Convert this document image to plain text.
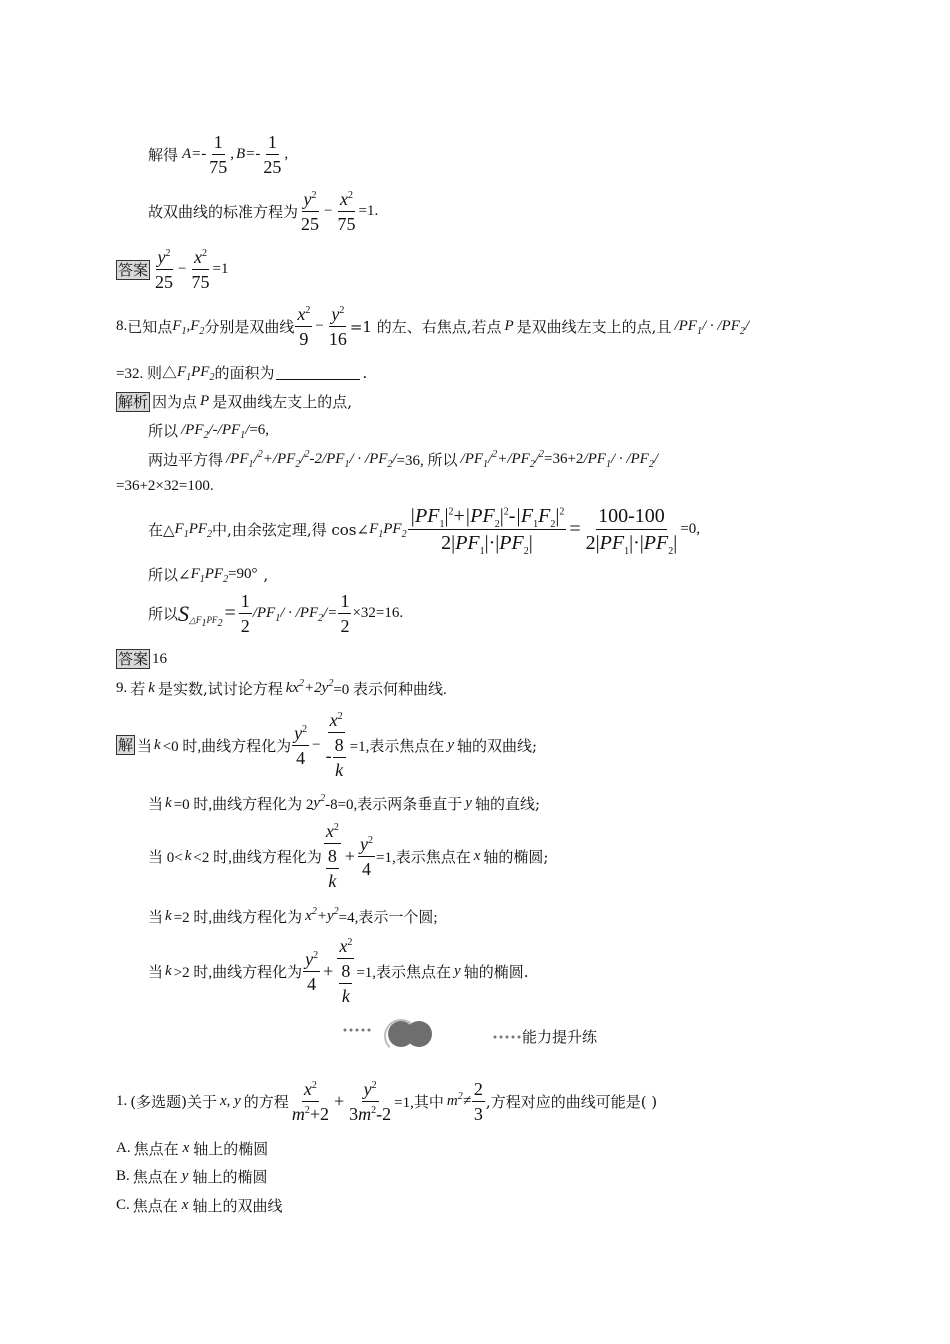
解得 $A=- \frac{1}{75}$ , $B=- \frac{1}{25}$ ,
故双曲线的标准方程为 $\frac{y^2}{25} - \frac{x^2}{75} =1$.
答案 $\frac{y^2}{25} - \frac{x^2}{75} =1$
8. 已知点 $F_1,F_2$ 分别是双曲线 $\frac{x^2}{9} - \frac{y^2}{16} =1$ 的左、右焦点,若点 P 是双曲线左支上的点,且 $/PF_1/ \cdot /PF_2/$
=32. 则△ $F_1PF_2$ 的面积为	.
解析 因为点 P 是双曲线左支上的点,
所以 $/PF_2/-/PF_1/ =6$,
两边平方得 $/PF_1/^2+/PF_2/^2-2/PF_1/ \cdot /PF_2/ =36$, 所以 $/PF_1/^2+/PF_2/^2 =36+2$ $/PF_1/ \cdot /PF_2/$
=36+2×32=100.
在△ $F_1PF_2$ 中,由余弦定理,得 cos∠ $F_1PF_2 \frac{|PF_1|^2+|PF_2|^2-|F_1F_2|^2}{2|PF_1|\cdot|PF_2|} = \frac{100-100}{2|PF_1|\cdot|PF_2|} =0$,
所以∠ $F_1PF_2 =90^\circ$ ,
所以 S $\triangle F_1PF_2 = \frac{1}{2} /PF_1/ \cdot /PF_2/= \frac{1}{2} \times 32=16$.
答案 16
9. 若 k 是实数,试讨论方程 $kx^2+2y^2 =0$ 表示何种曲线.
解 当 k <0 时,曲线方程化为 $\frac{y^2}{4} - \frac{x^2}{- \frac{8}{k}} =1$,表示焦点在 y 轴的双曲线;
当 k =0 时,曲线方程化为 2 $y^2$ -8=0,表示两条垂直于 y 轴的直线;
当 0< k <2 时,曲线方程化为 $\frac{x^2}{\frac{8}{k}} + \frac{y^2}{4} =1$,表示焦点在 x 轴的椭圆;
当 k =2 时,曲线方程化为 $x^2+y^2 =4$,表示一个圆;
当 k >2 时,曲线方程化为 $\frac{y^2}{4} + \frac{x^2}{\frac{8}{k}} =1$,表示焦点在 y 轴的椭圆.
能力提升练
1. (多选题)关于 x, y 的方程 $\frac{x^2}{m^2+2} + \frac{y^2}{3m^2-2} =1$,其中 $m^2\ne \frac{2}{3}$ ,方程对应的曲线可能是( )
A. 焦点在 x 轴上的椭圆
B. 焦点在 y 轴上的椭圆
C. 焦点在 x 轴上的双曲线
